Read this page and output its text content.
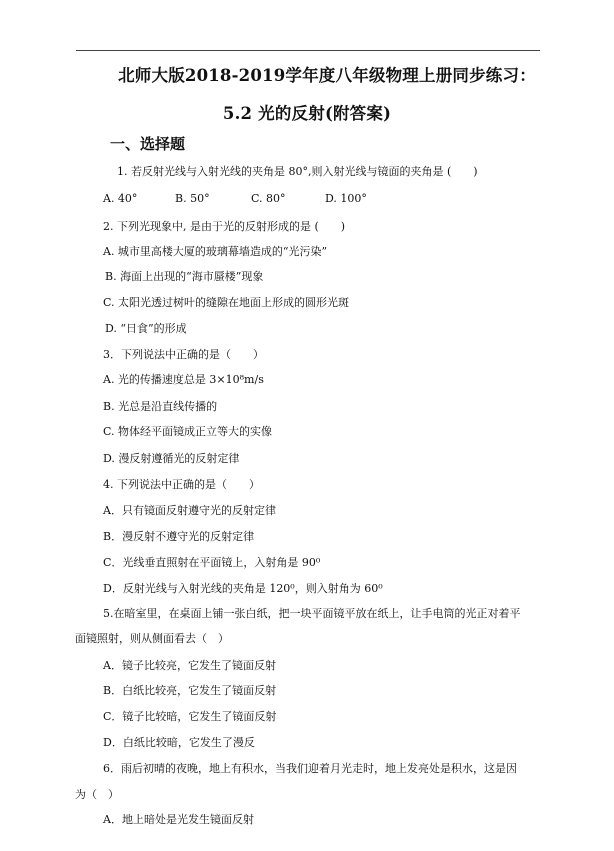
北师大版2018-2019学年度八年级物理上册同步练习：
5.2 光的反射(附答案)
一、选择题
1. 若反射光线与入射光线的夹角是 80°,则入射光线与镜面的夹角是 (　　)
A. 40°	B. 50°	C. 80°	D. 100°
2. 下列光现象中, 是由于光的反射形成的是 (　　)
A. 城市里高楼大厦的玻璃幕墙造成的“光污染”
B. 海面上出现的“海市蜃楼”现象
C. 太阳光透过树叶的缝隙在地面上形成的圆形光斑
D. “日食”的形成
3．下列说法中正确的是（　　）
A. 光的传播速度总是 3×10⁸m/s
B. 光总是沿直线传播的
C. 物体经平面镜成正立等大的实像
D. 漫反射遵循光的反射定律
4. 下列说法中正确的是（　　）
A．只有镜面反射遵守光的反射定律
B．漫反射不遵守光的反射定律
C．光线垂直照射在平面镜上，入射角是 90⁰
D．反射光线与入射光线的夹角是 120⁰，则入射角为 60⁰
5.在暗室里，在桌面上铺一张白纸，把一块平面镜平放在纸上，让手电筒的光正对着平
面镜照射，则从侧面看去（　）
A．镜子比较亮，它发生了镜面反射
B．白纸比较亮，它发生了镜面反射
C．镜子比较暗，它发生了镜面反射
D．白纸比较暗，它发生了漫反
6．雨后初晴的夜晚，地上有积水，当我们迎着月光走时，地上发亮处是积水，这是因
为（　）
A．地上暗处是光发生镜面反射
